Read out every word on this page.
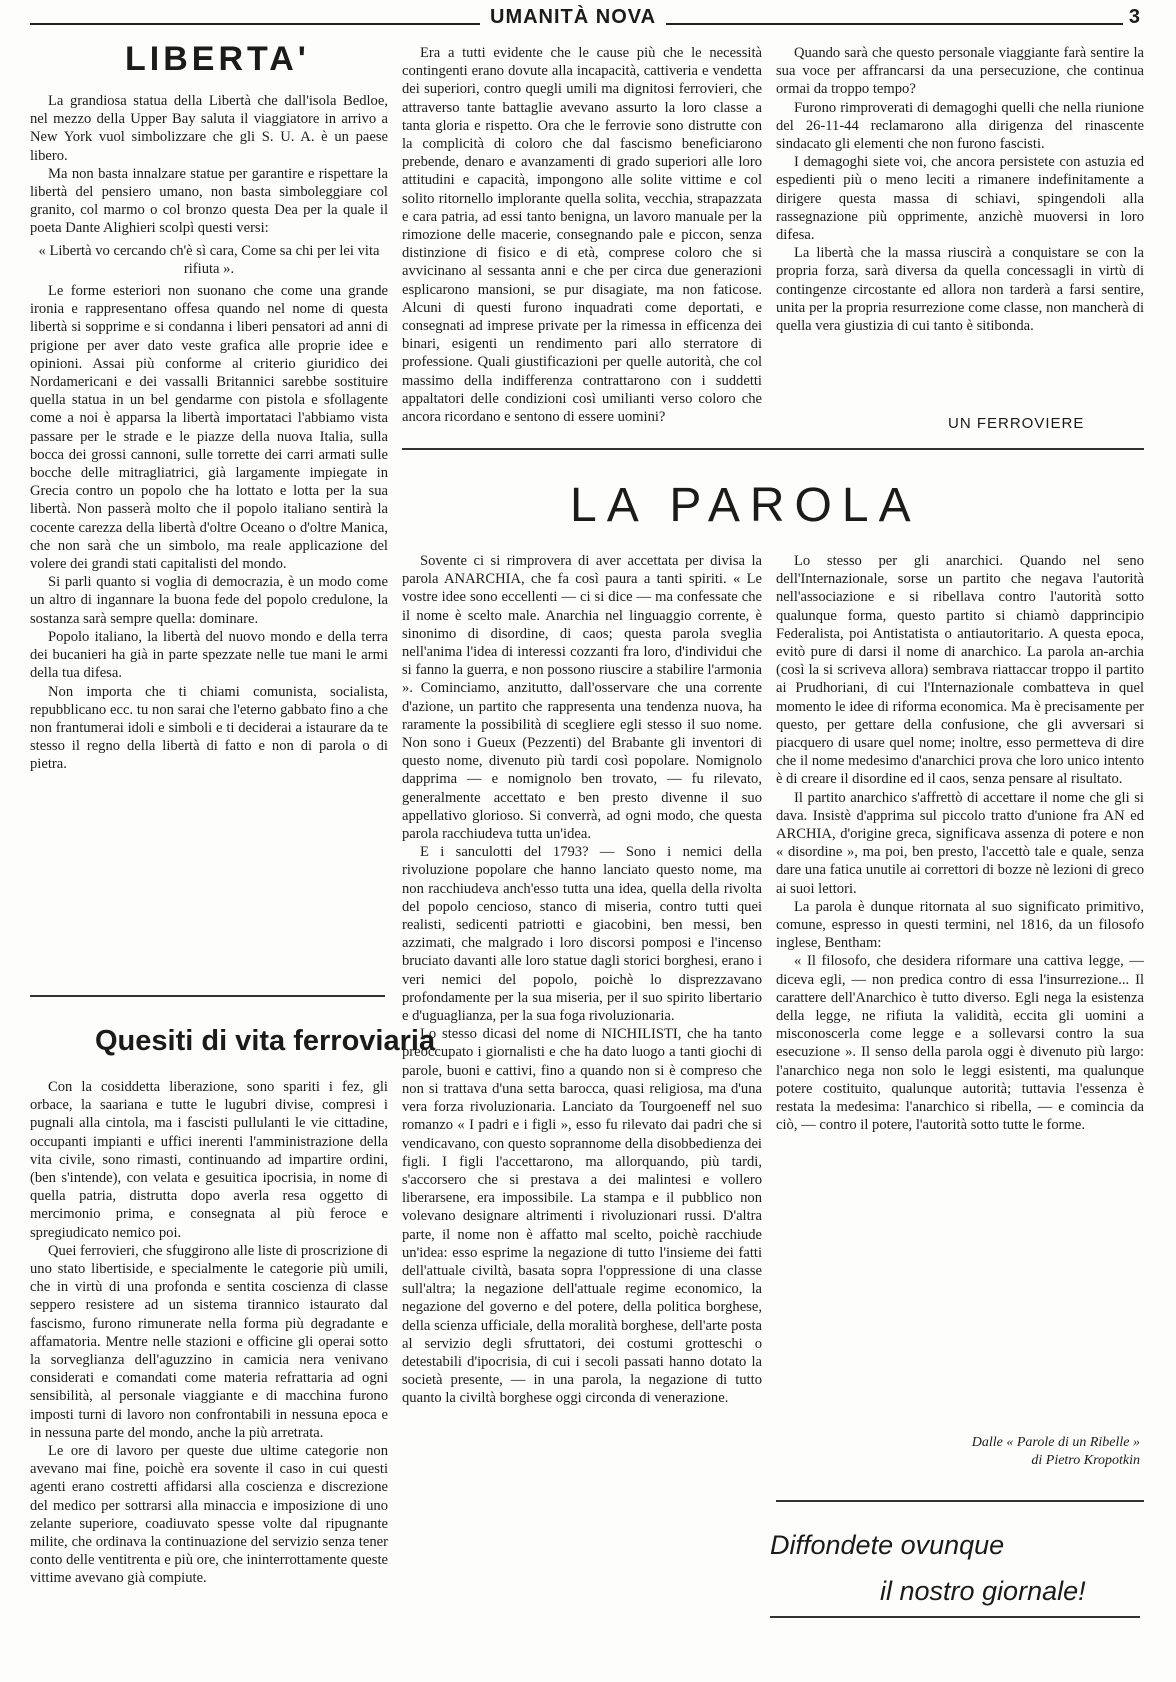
UMANITÀ NOVA	3
LIBERTA'

La grandiosa statua della Libertà che dall'isola Bedloe, nel mezzo della Upper Bay saluta il viaggiatore in arrivo a New York vuol simbolizzare che gli S. U. A. è un paese libero.

Ma non basta innalzare statue per garantire e rispettare la libertà del pensiero umano, non basta simboleggiare col granito, col marmo o col bronzo questa Dea per la quale il poeta Dante Alighieri scolpì questi versi:

« Libertà vo cercando ch'è sì cara, Come sa chi per lei vita rifiuta ».

Le forme esteriori non suonano che come una grande ironia e rappresentano offesa quando nel nome di questa libertà si sopprime e si condanna i liberi pensatori ad anni di prigione per aver dato veste grafica alle proprie idee e opinioni. Assai più conforme al criterio giuridico dei Nordamericani e dei vassalli Britannici sarebbe sostituire quella statua in un bel gendarme con pistola e sfollagente come a noi è apparsa la libertà importataci l'abbiamo vista passare per le strade e le piazze della nuova Italia, sulla bocca dei grossi cannoni, sulle torrette dei carri armati sulle bocche delle mitragliatrici, già largamente impiegate in Grecia contro un popolo che ha lottato e lotta per la sua libertà. Non passerà molto che il popolo italiano sentirà la cocente carezza della libertà d'oltre Oceano o d'oltre Manica, che non sarà che un simbolo, ma reale applicazione del volere dei grandi stati capitalisti del mondo.

Si parli quanto si voglia di democrazia, è un modo come un altro di ingannare la buona fede del popolo credulone, la sostanza sarà sempre quella: dominare.

Popolo italiano, la libertà del nuovo mondo e della terra dei bucanieri ha già in parte spezzate nelle tue mani le armi della tua difesa.

Non importa che ti chiami comunista, socialista, repubblicano ecc. tu non sarai che l'eterno gabbato fino a che non frantumerai idoli e simboli e ti deciderai a istaurare da te stesso il regno della libertà di fatto e non di parola o di pietra.

Quesiti di vita ferroviaria

Con la cosiddetta liberazione, sono spariti i fez, gli orbace, la saariana e tutte le lugubri divise, compresi i pugnali alla cintola, ma i fascisti pullulanti le vie cittadine, occupanti impianti e uffici inerenti l'amministrazione della vita civile, sono rimasti, continuando ad impartire ordini, (ben s'intende), con velata e gesuitica ipocrisia, in nome di quella patria, distrutta dopo averla resa oggetto di mercimonio prima, e consegnata al più feroce e spregiudicato nemico poi.

Quei ferrovieri, che sfuggirono alle liste di proscrizione di uno stato libertiside, e specialmente le categorie più umili, che in virtù di una profonda e sentita coscienza di classe seppero resistere ad un sistema tirannico istaurato dal fascismo, furono rimunerate nella forma più degradante e affamatoria. Mentre nelle stazioni e officine gli operai sotto la sorveglianza dell'aguzzino in camicia nera venivano considerati e comandati come materia refrattaria ad ogni sensibilità, al personale viaggiante e di macchina furono imposti turni di lavoro non confrontabili in nessuna epoca e in nessuna parte del mondo, anche la più arretrata.

Le ore di lavoro per queste due ultime categorie non avevano mai fine, poichè era sovente il caso in cui questi agenti erano costretti affidarsi alla coscienza e discrezione del medico per sottrarsi alla minaccia e imposizione di uno zelante superiore, coadiuvato spesse volte dal ripugnante milite, che ordinava la continuazione del servizio senza tener conto delle ventitrenta e più ore, che ininterrottamente queste vittime avevano già compiute.

Era a tutti evidente che le cause più che le necessità contingenti erano dovute alla incapacità, cattiveria e vendetta dei superiori, contro quegli umili ma dignitosi ferrovieri, che attraverso tante battaglie avevano assurto la loro classe a tanta gloria e rispetto. Ora che le ferrovie sono distrutte con la complicità di coloro che dal fascismo beneficiarono prebende, denaro e avanzamenti di grado superiori alle loro attitudini e capacità, impongono alle solite vittime e col solito ritornello implorante quella solita, vecchia, strapazzata e cara patria, ad essi tanto benigna, un lavoro manuale per la rimozione delle macerie, consegnando pale e piccon, senza distinzione di fisico e di età, comprese coloro che si avvicinano al sessanta anni e che per circa due generazioni esplicarono mansioni, se pur disagiate, ma non faticose. Alcuni di questi furono inquadrati come deportati, e consegnati ad imprese private per la rimessa in efficenza dei binari, esigenti un rendimento pari allo sterratore di professione. Quali giustificazioni per quelle autorità, che col massimo della indifferenza contrattarono con i suddetti appaltatori delle condizioni così umilianti verso coloro che ancora ricordano e sentono di essere uomini?

Quando sarà che questo personale viaggiante farà sentire la sua voce per affrancarsi da una persecuzione, che continua ormai da troppo tempo?

Furono rimproverati di demagoghi quelli che nella riunione del 26-11-44 reclamarono alla dirigenza del rinascente sindacato gli elementi che non furono fascisti.

I demagoghi siete voi, che ancora persistete con astuzia ed espedienti più o meno leciti a rimanere indefinitamente a dirigere questa massa di schiavi, spingendoli alla rassegnazione più opprimente, anzichè muoversi in loro difesa.

La libertà che la massa riuscirà a conquistare se con la propria forza, sarà diversa da quella concessagli in virtù di contingenze circostante ed allora non tarderà a farsi sentire, unita per la propria resurrezione come classe, non mancherà di quella vera giustizia di cui tanto è sitibonda.

UN FERROVIERE
LA PAROLA

Sovente ci si rimprovera di aver accettata per divisa la parola ANARCHIA, che fa così paura a tanti spiriti. « Le vostre idee sono eccellenti — ci si dice — ma confessate che il nome è scelto male. Anarchia nel linguaggio corrente, è sinonimo di disordine, di caos; questa parola sveglia nell'anima l'idea di interessi cozzanti fra loro, d'individui che si fanno la guerra, e non possono riuscire a stabilire l'armonia ». Cominciamo, anzitutto, dall'osservare che una corrente d'azione, un partito che rappresenta una tendenza nuova, ha raramente la possibilità di scegliere egli stesso il suo nome. Non sono i Gueux (Pezzenti) del Brabante gli inventori di questo nome, divenuto più tardi così popolare. Nomignolo dapprima — e nomignolo ben trovato, — fu rilevato, generalmente accettato e ben presto divenne il suo appellativo glorioso. Si converrà, ad ogni modo, che questa parola racchiudeva tutta un'idea.

E i sanculotti del 1793? — Sono i nemici della rivoluzione popolare che hanno lanciato questo nome, ma non racchiudeva anch'esso tutta una idea, quella della rivolta del popolo cencioso, stanco di miseria, contro tutti quei realisti, sedicenti patriotti e giacobini, ben messi, ben azzimati, che malgrado i loro discorsi pomposi e l'incenso bruciato davanti alle loro statue dagli storici borghesi, erano i veri nemici del popolo, poichè lo disprezzavano profondamente per la sua miseria, per il suo spirito libertario e d'uguaglianza, per la sua foga rivoluzionaria.

Lo stesso dicasi del nome di NICHILISTI, che ha tanto preoccupato i giornalisti e che ha dato luogo a tanti giochi di parole, buoni e cattivi, fino a quando non si è compreso che non si trattava d'una setta barocca, quasi religiosa, ma d'una vera forza rivoluzionaria. Lanciato da Tourgoeneff nel suo romanzo « I padri e i figli », esso fu rilevato dai padri che si vendicavano, con questo soprannome della disobbedienza dei figli. I figli l'accettarono, ma allorquando, più tardi, s'accorsero che si prestava a dei malintesi e vollero liberarsene, era impossibile. La stampa e il pubblico non volevano designare altrimenti i rivoluzionari russi. D'altra parte, il nome non è affatto mal scelto, poichè racchiude un'idea: esso esprime la negazione di tutto l'insieme dei fatti dell'attuale civiltà, basata sopra l'oppressione di una classe sull'altra; la negazione dell'attuale regime economico, la negazione del governo e del potere, della politica borghese, della scienza ufficiale, della moralità borghese, dell'arte posta al servizio degli sfruttatori, dei costumi grotteschi o detestabili d'ipocrisia, di cui i secoli passati hanno dotato la società presente, — in una parola, la negazione di tutto quanto la civiltà borghese oggi circonda di venerazione.

Lo stesso per gli anarchici. Quando nel seno dell'Internazionale, sorse un partito che negava l'autorità nell'associazione e si ribellava contro l'autorità sotto qualunque forma, questo partito si chiamò dapprincipio Federalista, poi Antistatista o antiautoritario. A questa epoca, evitò pure di darsi il nome di anarchico. La parola an-archia (così la si scriveva allora) sembrava riattaccar troppo il partito ai Prudhoriani, di cui l'Internazionale combatteva in quel momento le idee di riforma economica. Ma è precisamente per questo, per gettare della confusione, che gli avversari si piacquero di usare quel nome; inoltre, esso permetteva di dire che il nome medesimo d'anarchici prova che loro unico intento è di creare il disordine ed il caos, senza pensare al risultato.

Il partito anarchico s'affrettò di accettare il nome che gli si dava. Insistè d'apprima sul piccolo tratto d'unione fra AN ed ARCHIA, d'origine greca, significava assenza di potere e non « disordine », ma poi, ben presto, l'accettò tale e quale, senza dare una fatica unutile ai correttori di bozze nè lezioni di greco ai suoi lettori.

La parola è dunque ritornata al suo significato primitivo, comune, espresso in questi termini, nel 1816, da un filosofo inglese, Bentham:

« Il filosofo, che desidera riformare una cattiva legge, — diceva egli, — non predica contro di essa l'insurrezione... Il carattere dell'Anarchico è tutto diverso. Egli nega la esistenza della legge, ne rifiuta la validità, eccita gli uomini a misconoscerla come legge e a sollevarsi contro la sua esecuzione ». Il senso della parola oggi è divenuto più largo: l'anarchico nega non solo le leggi esistenti, ma qualunque potere costituito, qualunque autorità; tuttavia l'essenza è restata la medesima: l'anarchico si ribella, — e comincia da ciò, — contro il potere, l'autorità sotto tutte le forme.

Dalle « Parole di un Ribelle »
di Pietro Kropotkin
Diffondete ovunque
il nostro giornale!
